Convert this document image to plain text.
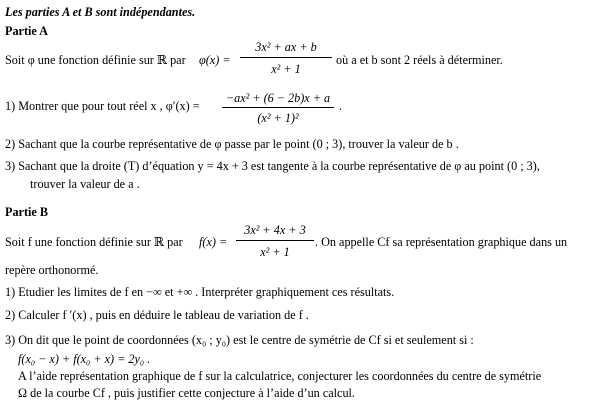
Les parties A et B sont indépendantes.
Partie A
Soit φ une fonction définie sur ℝ par φ(x) =
3x² + ax + b
x² + 1
où a et b sont 2 réels à déterminer.
1) Montrer que pour tout réel x , φ′(x) =
−ax² + (6 − 2b)x + a
(x² + 1)²
.
2) Sachant que la courbe représentative de φ passe par le point (0 ; 3), trouver la valeur de b .
3) Sachant que la droite (T) d’équation y = 4x + 3 est tangente à la courbe représentative de φ au point (0 ; 3),
trouver la valeur de a .
Partie B
Soit f une fonction définie sur ℝ par f(x) =
3x² + 4x + 3
x² + 1
. On appelle Cf sa représentation graphique dans un
repère orthonormé.
1) Etudier les limites de f en −∞ et +∞ . Interpréter graphiquement ces résultats.
2) Calculer f ′(x) , puis en déduire le tableau de variation de f .
3) On dit que le point de coordonnées (x₀ ; y₀) est le centre de symétrie de Cf si et seulement si :
f(x₀ − x) + f(x₀ + x) = 2y₀ .
A l’aide représentation graphique de f sur la calculatrice, conjecturer les coordonnées du centre de symétrie
Ω de la courbe Cf , puis justifier cette conjecture à l’aide d’un calcul.
